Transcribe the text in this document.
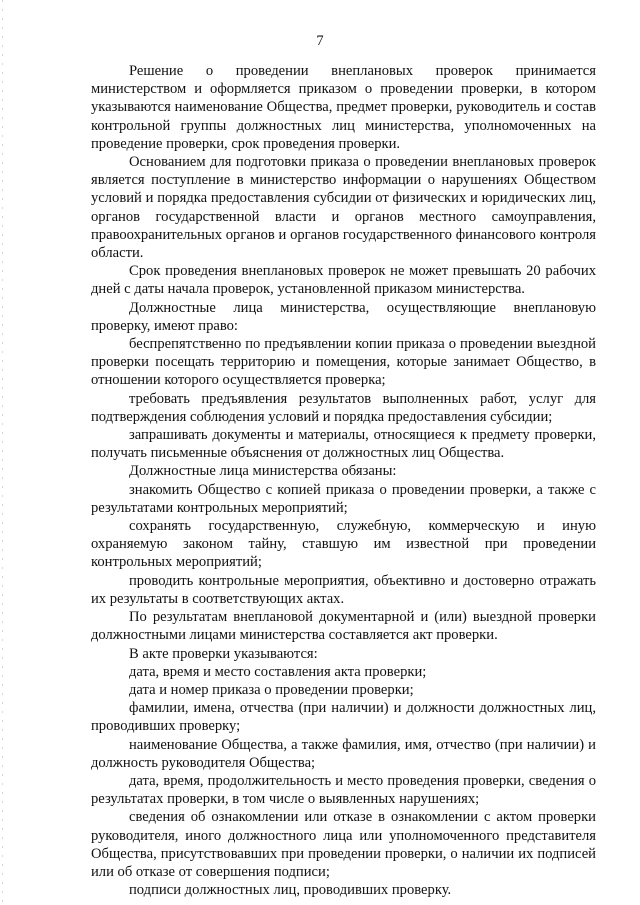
7

Решение о проведении внеплановых проверок принимается министерством и оформляется приказом о проведении проверки, в котором указываются наименование Общества, предмет проверки, руководитель и состав контрольной группы должностных лиц министерства, уполномоченных на проведение проверки, срок проведения проверки.

Основанием для подготовки приказа о проведении внеплановых проверок является поступление в министерство информации о нарушениях Обществом условий и порядка предоставления субсидии от физических и юридических лиц, органов государственной власти и органов местного самоуправления, правоохранительных органов и органов государственного финансового контроля области.

Срок проведения внеплановых проверок не может превышать 20 рабочих дней с даты начала проверок, установленной приказом министерства.

Должностные лица министерства, осуществляющие внеплановую проверку, имеют право:

беспрепятственно по предъявлении копии приказа о проведении выездной проверки посещать территорию и помещения, которые занимает Общество, в отношении которого осуществляется проверка;

требовать предъявления результатов выполненных работ, услуг для подтверждения соблюдения условий и порядка предоставления субсидии;

запрашивать документы и материалы, относящиеся к предмету проверки, получать письменные объяснения от должностных лиц Общества.

Должностные лица министерства обязаны:

знакомить Общество с копией приказа о проведении проверки, а также с результатами контрольных мероприятий;

сохранять государственную, служебную, коммерческую и иную охраняемую законом тайну, ставшую им известной при проведении контрольных мероприятий;

проводить контрольные мероприятия, объективно и достоверно отражать их результаты в соответствующих актах.

По результатам внеплановой документарной и (или) выездной проверки должностными лицами министерства составляется акт проверки.

В акте проверки указываются:

дата, время и место составления акта проверки;

дата и номер приказа о проведении проверки;

фамилии, имена, отчества (при наличии) и должности должностных лиц, проводивших проверку;

наименование Общества, а также фамилия, имя, отчество (при наличии) и должность руководителя Общества;

дата, время, продолжительность и место проведения проверки, сведения о результатах проверки, в том числе о выявленных нарушениях;

сведения об ознакомлении или отказе в ознакомлении с актом проверки руководителя, иного должностного лица или уполномоченного представителя Общества, присутствовавших при проведении проверки, о наличии их подписей или об отказе от совершения подписи;

подписи должностных лиц, проводивших проверку.
